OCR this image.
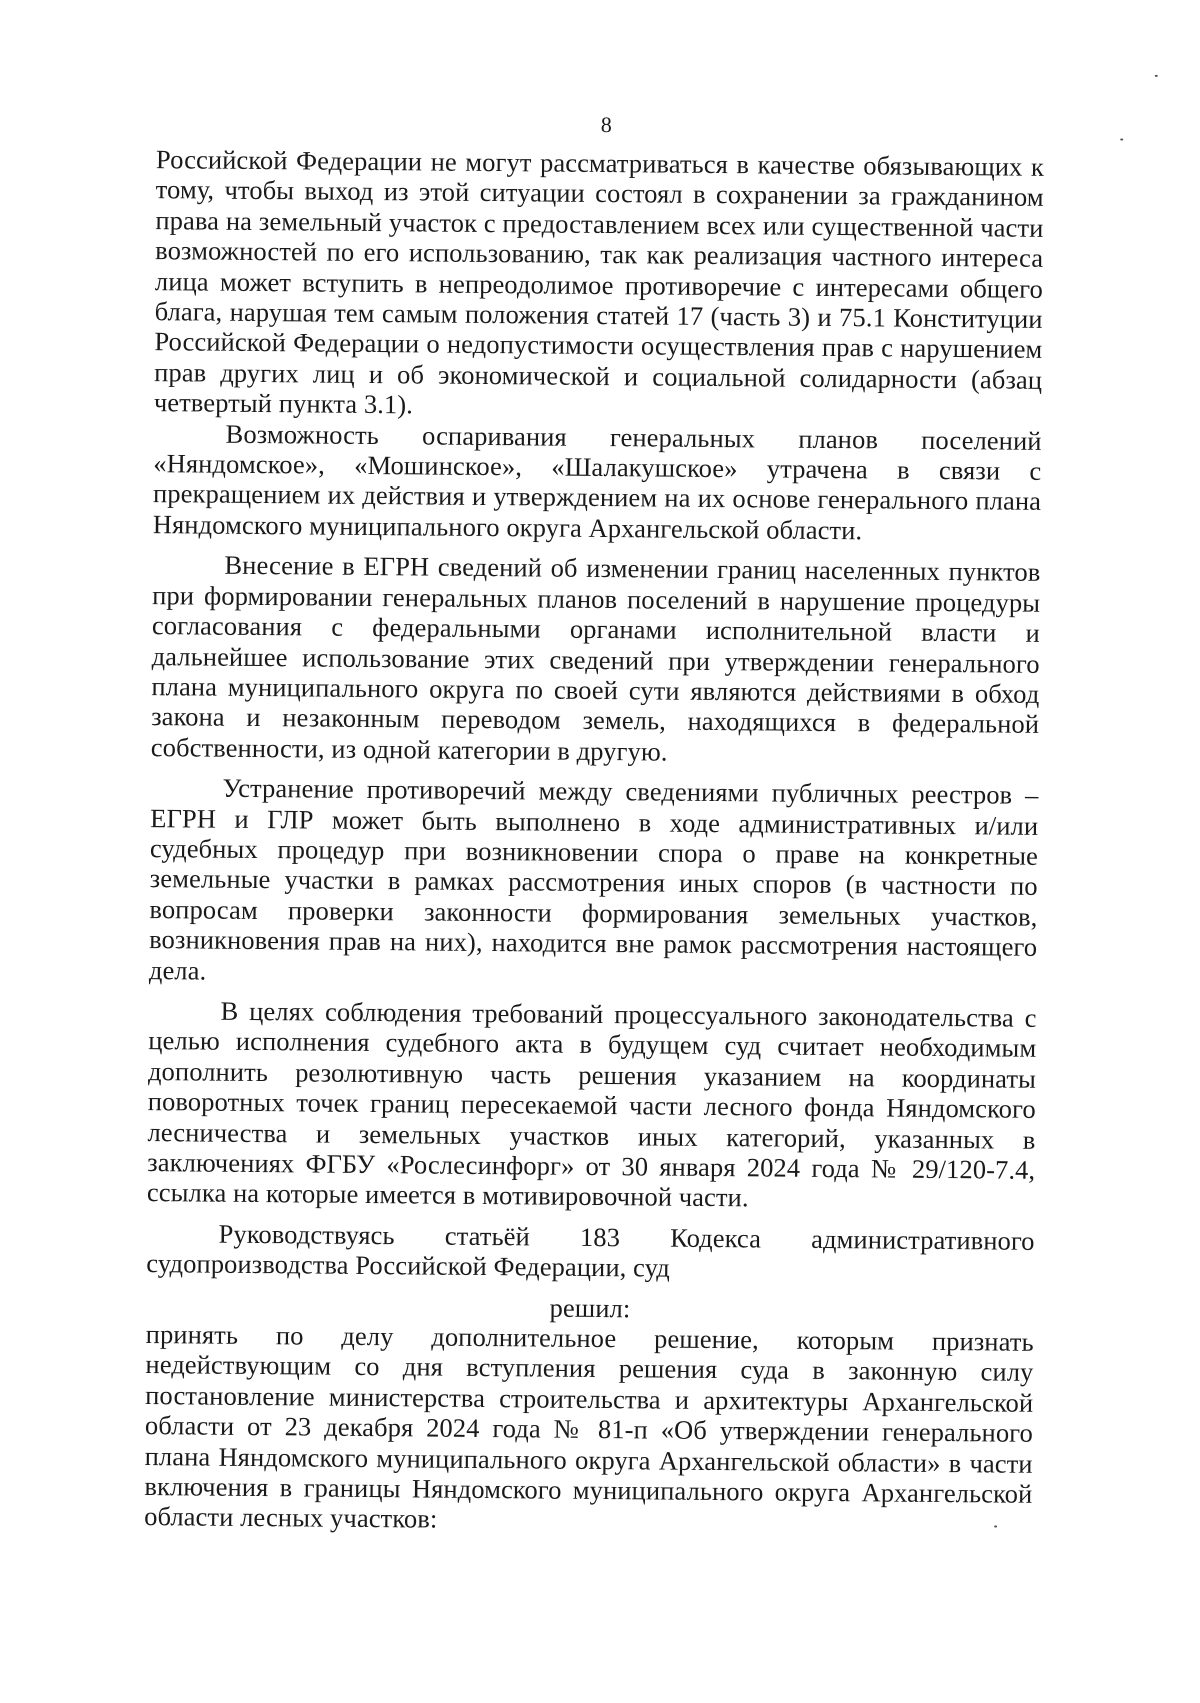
8

Российской Федерации не могут рассматриваться в качестве обязывающих к тому, чтобы выход из этой ситуации состоял в сохранении за гражданином права на земельный участок с предоставлением всех или существенной части возможностей по его использованию, так как реализация частного интереса лица может вступить в непреодолимое противоречие с интересами общего блага, нарушая тем самым положения статей 17 (часть 3) и 75.1 Конституции Российской Федерации о недопустимости осуществления прав с нарушением прав других лиц и об экономической и социальной солидарности (абзац четвертый пункта 3.1).

Возможность оспаривания генеральных планов поселений «Няндомское», «Мошинское», «Шалакушское» утрачена в связи с прекращением их действия и утверждением на их основе генерального плана Няндомского муниципального округа Архангельской области.

Внесение в ЕГРН сведений об изменении границ населенных пунктов при формировании генеральных планов поселений в нарушение процедуры согласования с федеральными органами исполнительной власти и дальнейшее использование этих сведений при утверждении генерального плана муниципального округа по своей сути являются действиями в обход закона и незаконным переводом земель, находящихся в федеральной собственности, из одной категории в другую.

Устранение противоречий между сведениями публичных реестров – ЕГРН и ГЛР может быть выполнено в ходе административных и/или судебных процедур при возникновении спора о праве на конкретные земельные участки в рамках рассмотрения иных споров (в частности по вопросам проверки законности формирования земельных участков, возникновения прав на них), находится вне рамок рассмотрения настоящего дела.

В целях соблюдения требований процессуального законодательства с целью исполнения судебного акта в будущем суд считает необходимым дополнить резолютивную часть решения указанием на координаты поворотных точек границ пересекаемой части лесного фонда Няндомского лесничества и земельных участков иных категорий, указанных в заключениях ФГБУ «Рослесинфорг» от 30 января 2024 года № 29/120-7.4, ссылка на которые имеется в мотивировочной части.

Руководствуясь статьёй 183 Кодекса административного судопроизводства Российской Федерации, суд

решил:

принять по делу дополнительное решение, которым признать недействующим со дня вступления решения суда в законную силу постановление министерства строительства и архитектуры Архангельской области от 23 декабря 2024 года № 81-п «Об утверждении генерального плана Няндомского муниципального округа Архангельской области» в части включения в границы Няндомского муниципального округа Архангельской области лесных участков:
